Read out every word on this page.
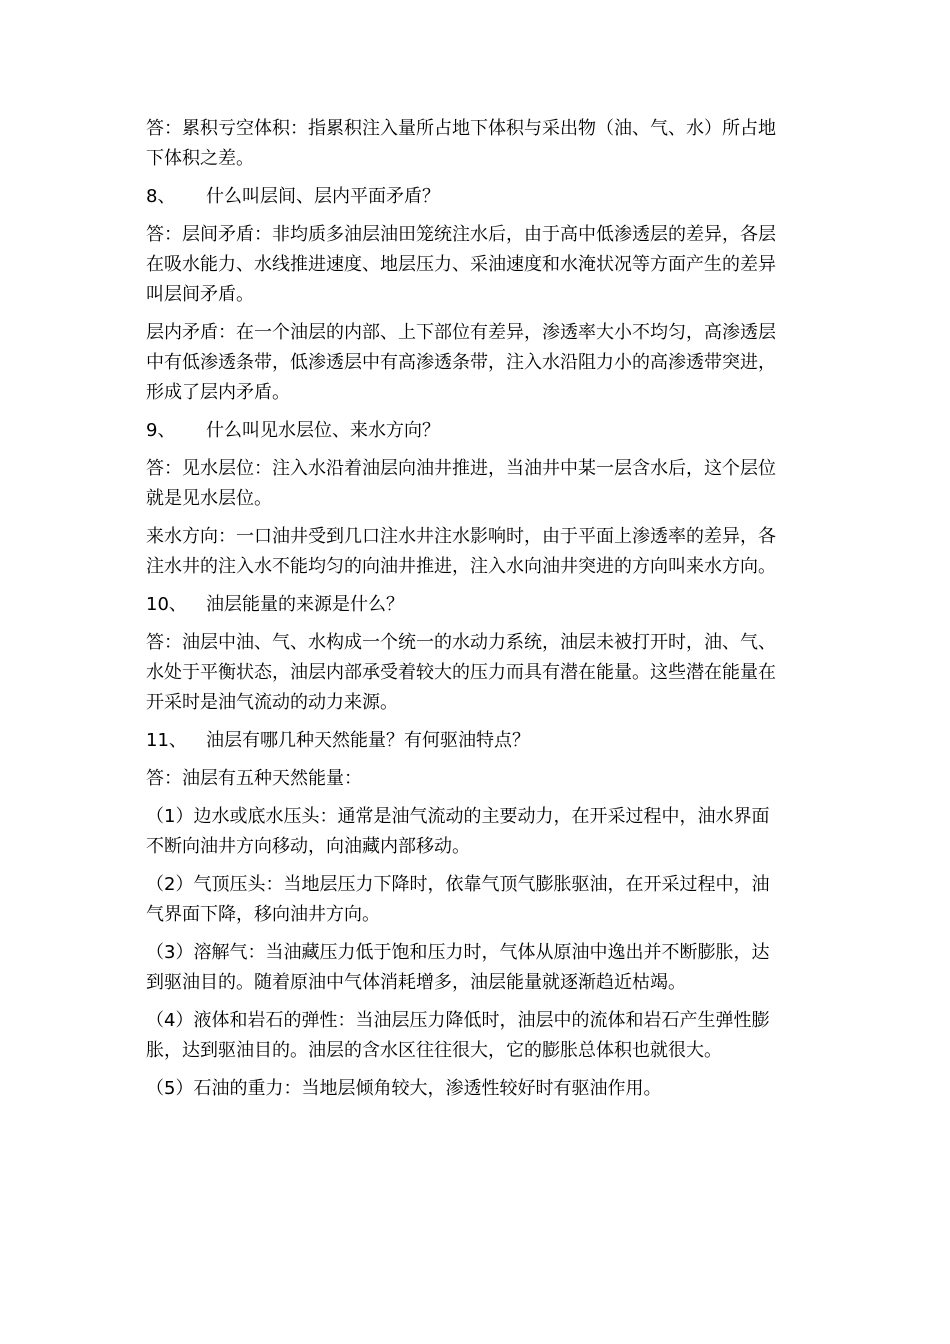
答：累积亏空体积：指累积注入量所占地下体积与采出物（油、气、水）所占地
下体积之差。
8、 什么叫层间、层内平面矛盾？
答：层间矛盾：非均质多油层油田笼统注水后，由于高中低渗透层的差异，各层
在吸水能力、水线推进速度、地层压力、采油速度和水淹状况等方面产生的差异
叫层间矛盾。
层内矛盾：在一个油层的内部、上下部位有差异，渗透率大小不均匀，高渗透层
中有低渗透条带，低渗透层中有高渗透条带，注入水沿阻力小的高渗透带突进，
形成了层内矛盾。
9、 什么叫见水层位、来水方向？
答：见水层位：注入水沿着油层向油井推进，当油井中某一层含水后，这个层位
就是见水层位。
来水方向：一口油井受到几口注水井注水影响时，由于平面上渗透率的差异，各
注水井的注入水不能均匀的向油井推进，注入水向油井突进的方向叫来水方向。
10、 油层能量的来源是什么？
答：油层中油、气、水构成一个统一的水动力系统，油层未被打开时，油、气、
水处于平衡状态，油层内部承受着较大的压力而具有潜在能量。这些潜在能量在
开采时是油气流动的动力来源。
11、 油层有哪几种天然能量？有何驱油特点？
答：油层有五种天然能量：
（1）边水或底水压头：通常是油气流动的主要动力，在开采过程中，油水界面
不断向油井方向移动，向油藏内部移动。
（2）气顶压头：当地层压力下降时，依靠气顶气膨胀驱油，在开采过程中，油
气界面下降，移向油井方向。
（3）溶解气：当油藏压力低于饱和压力时，气体从原油中逸出并不断膨胀，达
到驱油目的。随着原油中气体消耗增多，油层能量就逐渐趋近枯竭。
（4）液体和岩石的弹性：当油层压力降低时，油层中的流体和岩石产生弹性膨
胀，达到驱油目的。油层的含水区往往很大，它的膨胀总体积也就很大。
（5）石油的重力：当地层倾角较大，渗透性较好时有驱油作用。
